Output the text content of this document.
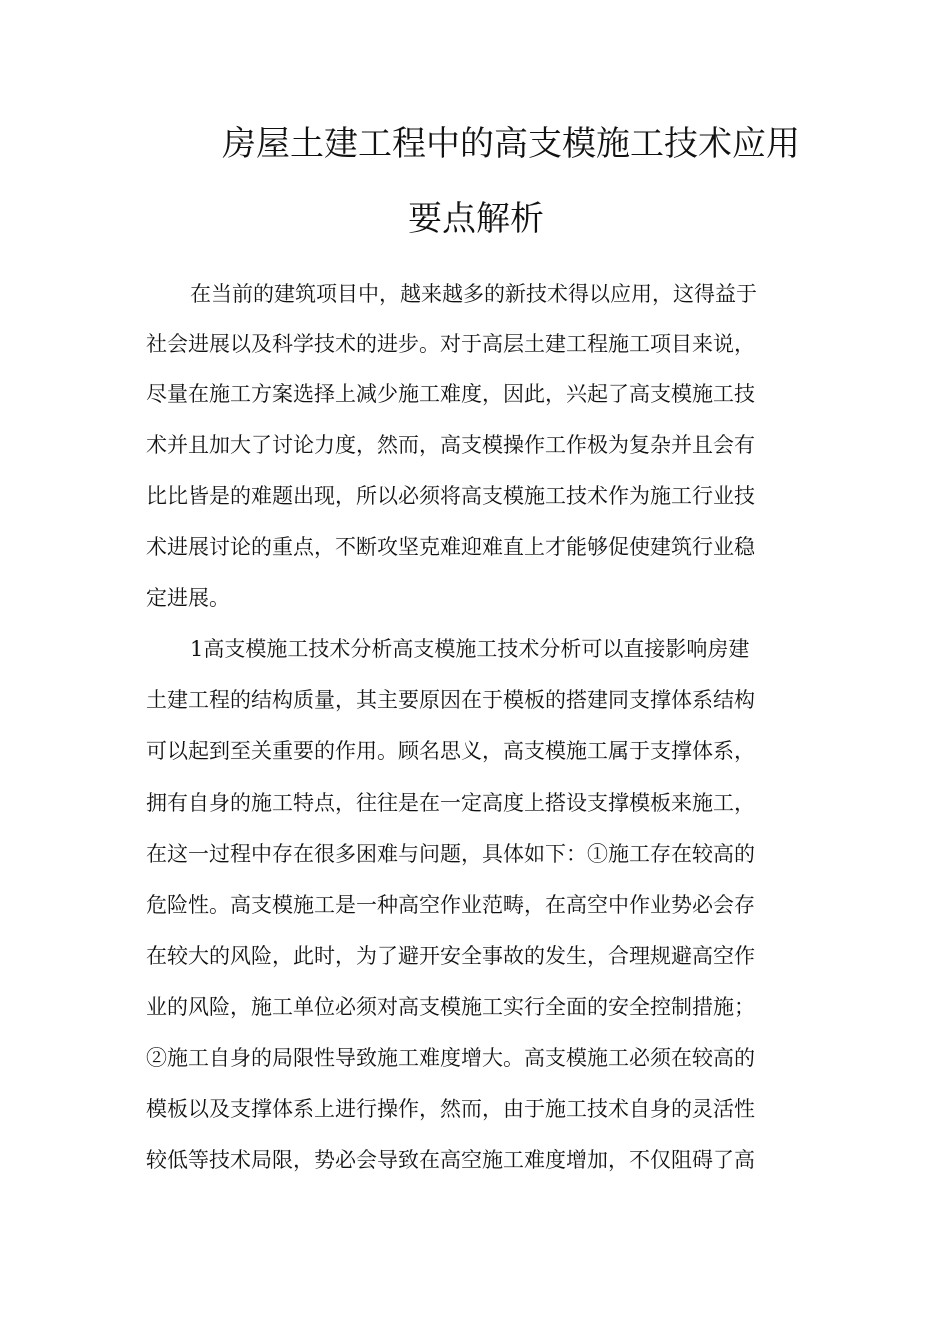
房屋土建工程中的高支模施工技术应用
要点解析
在当前的建筑项目中，越来越多的新技术得以应用，这得益于
社会进展以及科学技术的进步。对于高层土建工程施工项目来说，
尽量在施工方案选择上减少施工难度，因此，兴起了高支模施工技
术并且加大了讨论力度，然而，高支模操作工作极为复杂并且会有
比比皆是的难题出现，所以必须将高支模施工技术作为施工行业技
术进展讨论的重点，不断攻坚克难迎难直上才能够促使建筑行业稳
定进展。
1高支模施工技术分析高支模施工技术分析可以直接影响房建
土建工程的结构质量，其主要原因在于模板的搭建同支撑体系结构
可以起到至关重要的作用。顾名思义，高支模施工属于支撑体系，
拥有自身的施工特点，往往是在一定高度上搭设支撑模板来施工，
在这一过程中存在很多困难与问题，具体如下：①施工存在较高的
危险性。高支模施工是一种高空作业范畴，在高空中作业势必会存
在较大的风险，此时，为了避开安全事故的发生，合理规避高空作
业的风险，施工单位必须对高支模施工实行全面的安全控制措施；
②施工自身的局限性导致施工难度增大。高支模施工必须在较高的
模板以及支撑体系上进行操作，然而，由于施工技术自身的灵活性
较低等技术局限，势必会导致在高空施工难度增加，不仅阻碍了高
